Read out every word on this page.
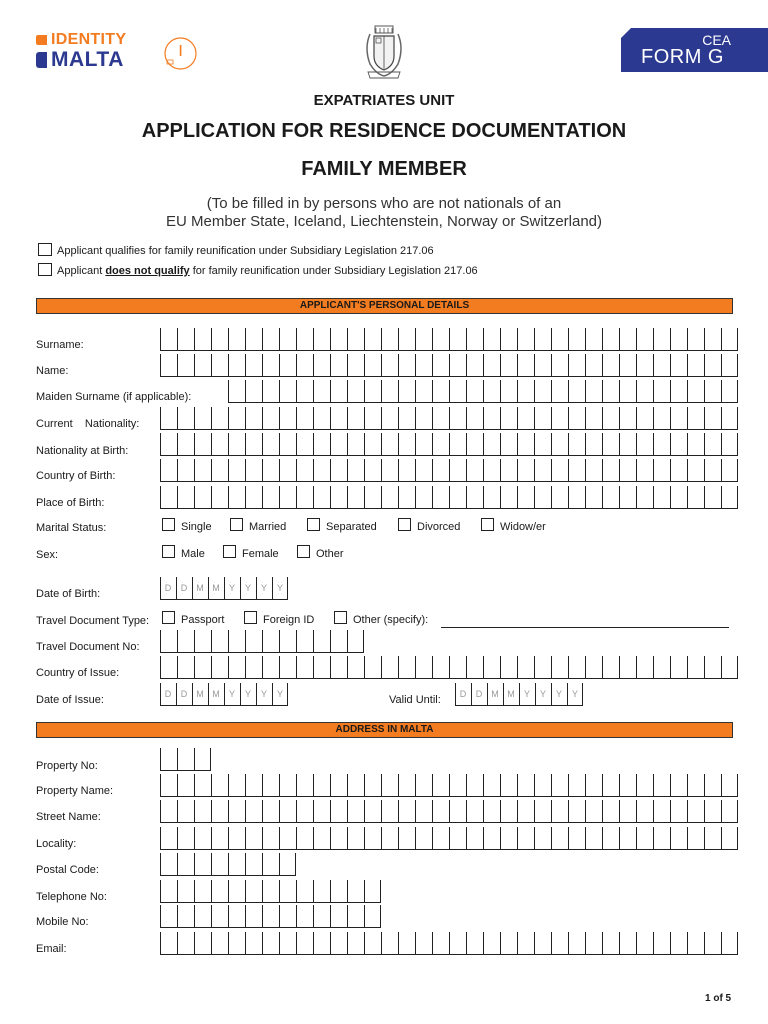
IDENTITY
MALTA
CEA
FORM G
EXPATRIATES UNIT
APPLICATION FOR RESIDENCE DOCUMENTATION
FAMILY MEMBER
(To be filled in by persons who are not nationals of an
EU Member State, Iceland, Liechtenstein, Norway or Switzerland)
Applicant qualifies for family reunification under Subsidiary Legislation 217.06
Applicant does not qualify for family reunification under Subsidiary Legislation 217.06
APPLICANT'S PERSONAL DETAILS
Surname:
Name:
Maiden Surname (if applicable):
Current    Nationality:
Nationality at Birth:
Country of Birth:
Place of Birth:
Marital Status:	Single	Married	Separated	Divorced	Widow/er
Sex:	Male	Female	Other
Date of Birth:	D	D	M M	Y	Y	Y	Y
Travel Document Type:	Passport	Foreign ID	Other (specify):
Travel Document No:
Country of Issue:
Date of Issue:	D	D	M M	Y	Y	Y	Y	Valid Until:	D	D	M M	Y	Y	Y	Y
ADDRESS IN MALTA
Property No:
Property Name:
Street Name:
Locality:
Postal Code:
Telephone No:
Mobile No:
Email:
1 of 5
